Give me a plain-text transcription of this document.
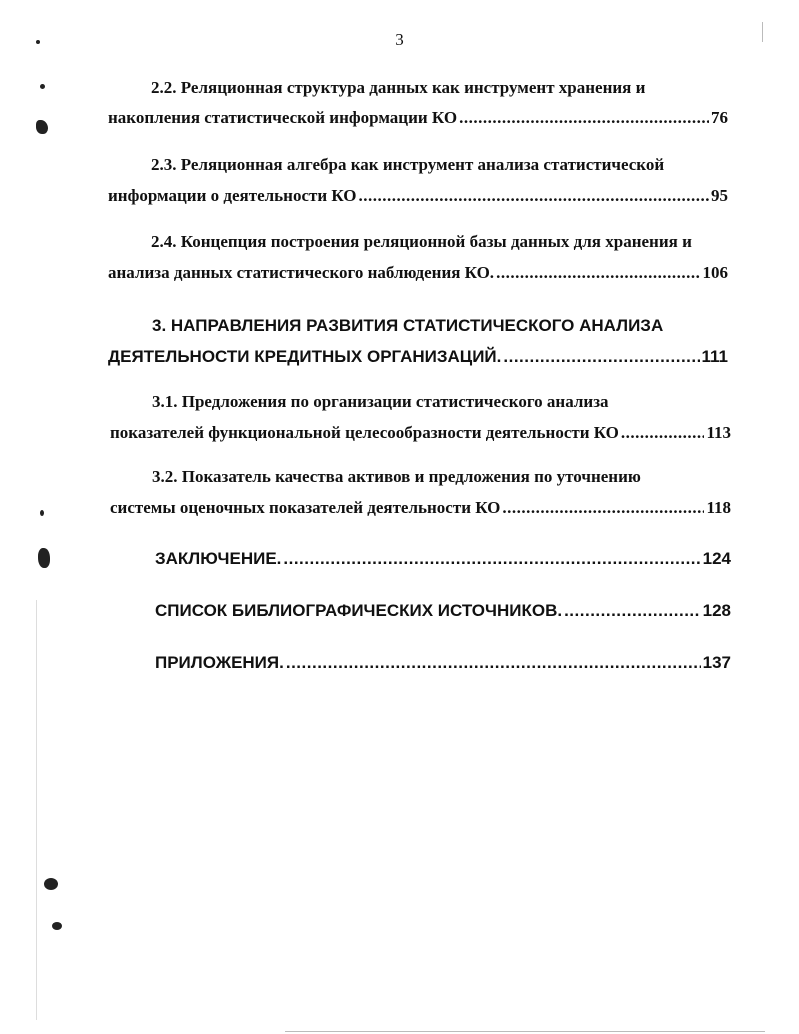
3
2.2. Реляционная структура данных как инструмент хранения и
накопления статистической информации КО .....	76
2.3. Реляционная алгебра как инструмент анализа статистической
информации о деятельности КО .....	95
2.4. Концепция построения реляционной базы данных для хранения и
анализа данных статистического наблюдения КО. .....	106
3. НАПРАВЛЕНИЯ РАЗВИТИЯ СТАТИСТИЧЕСКОГО АНАЛИЗА
ДЕЯТЕЛЬНОСТИ КРЕДИТНЫХ ОРГАНИЗАЦИЙ. .....	111
3.1. Предложения по организации статистического анализа
показателей функциональной целесообразности деятельности КО .....	113
3.2. Показатель качества активов и предложения по уточнению
системы оценочных показателей деятельности КО .....	118
ЗАКЛЮЧЕНИЕ. .....	124
СПИСОК БИБЛИОГРАФИЧЕСКИХ ИСТОЧНИКОВ. .....	128
ПРИЛОЖЕНИЯ. .....	137
